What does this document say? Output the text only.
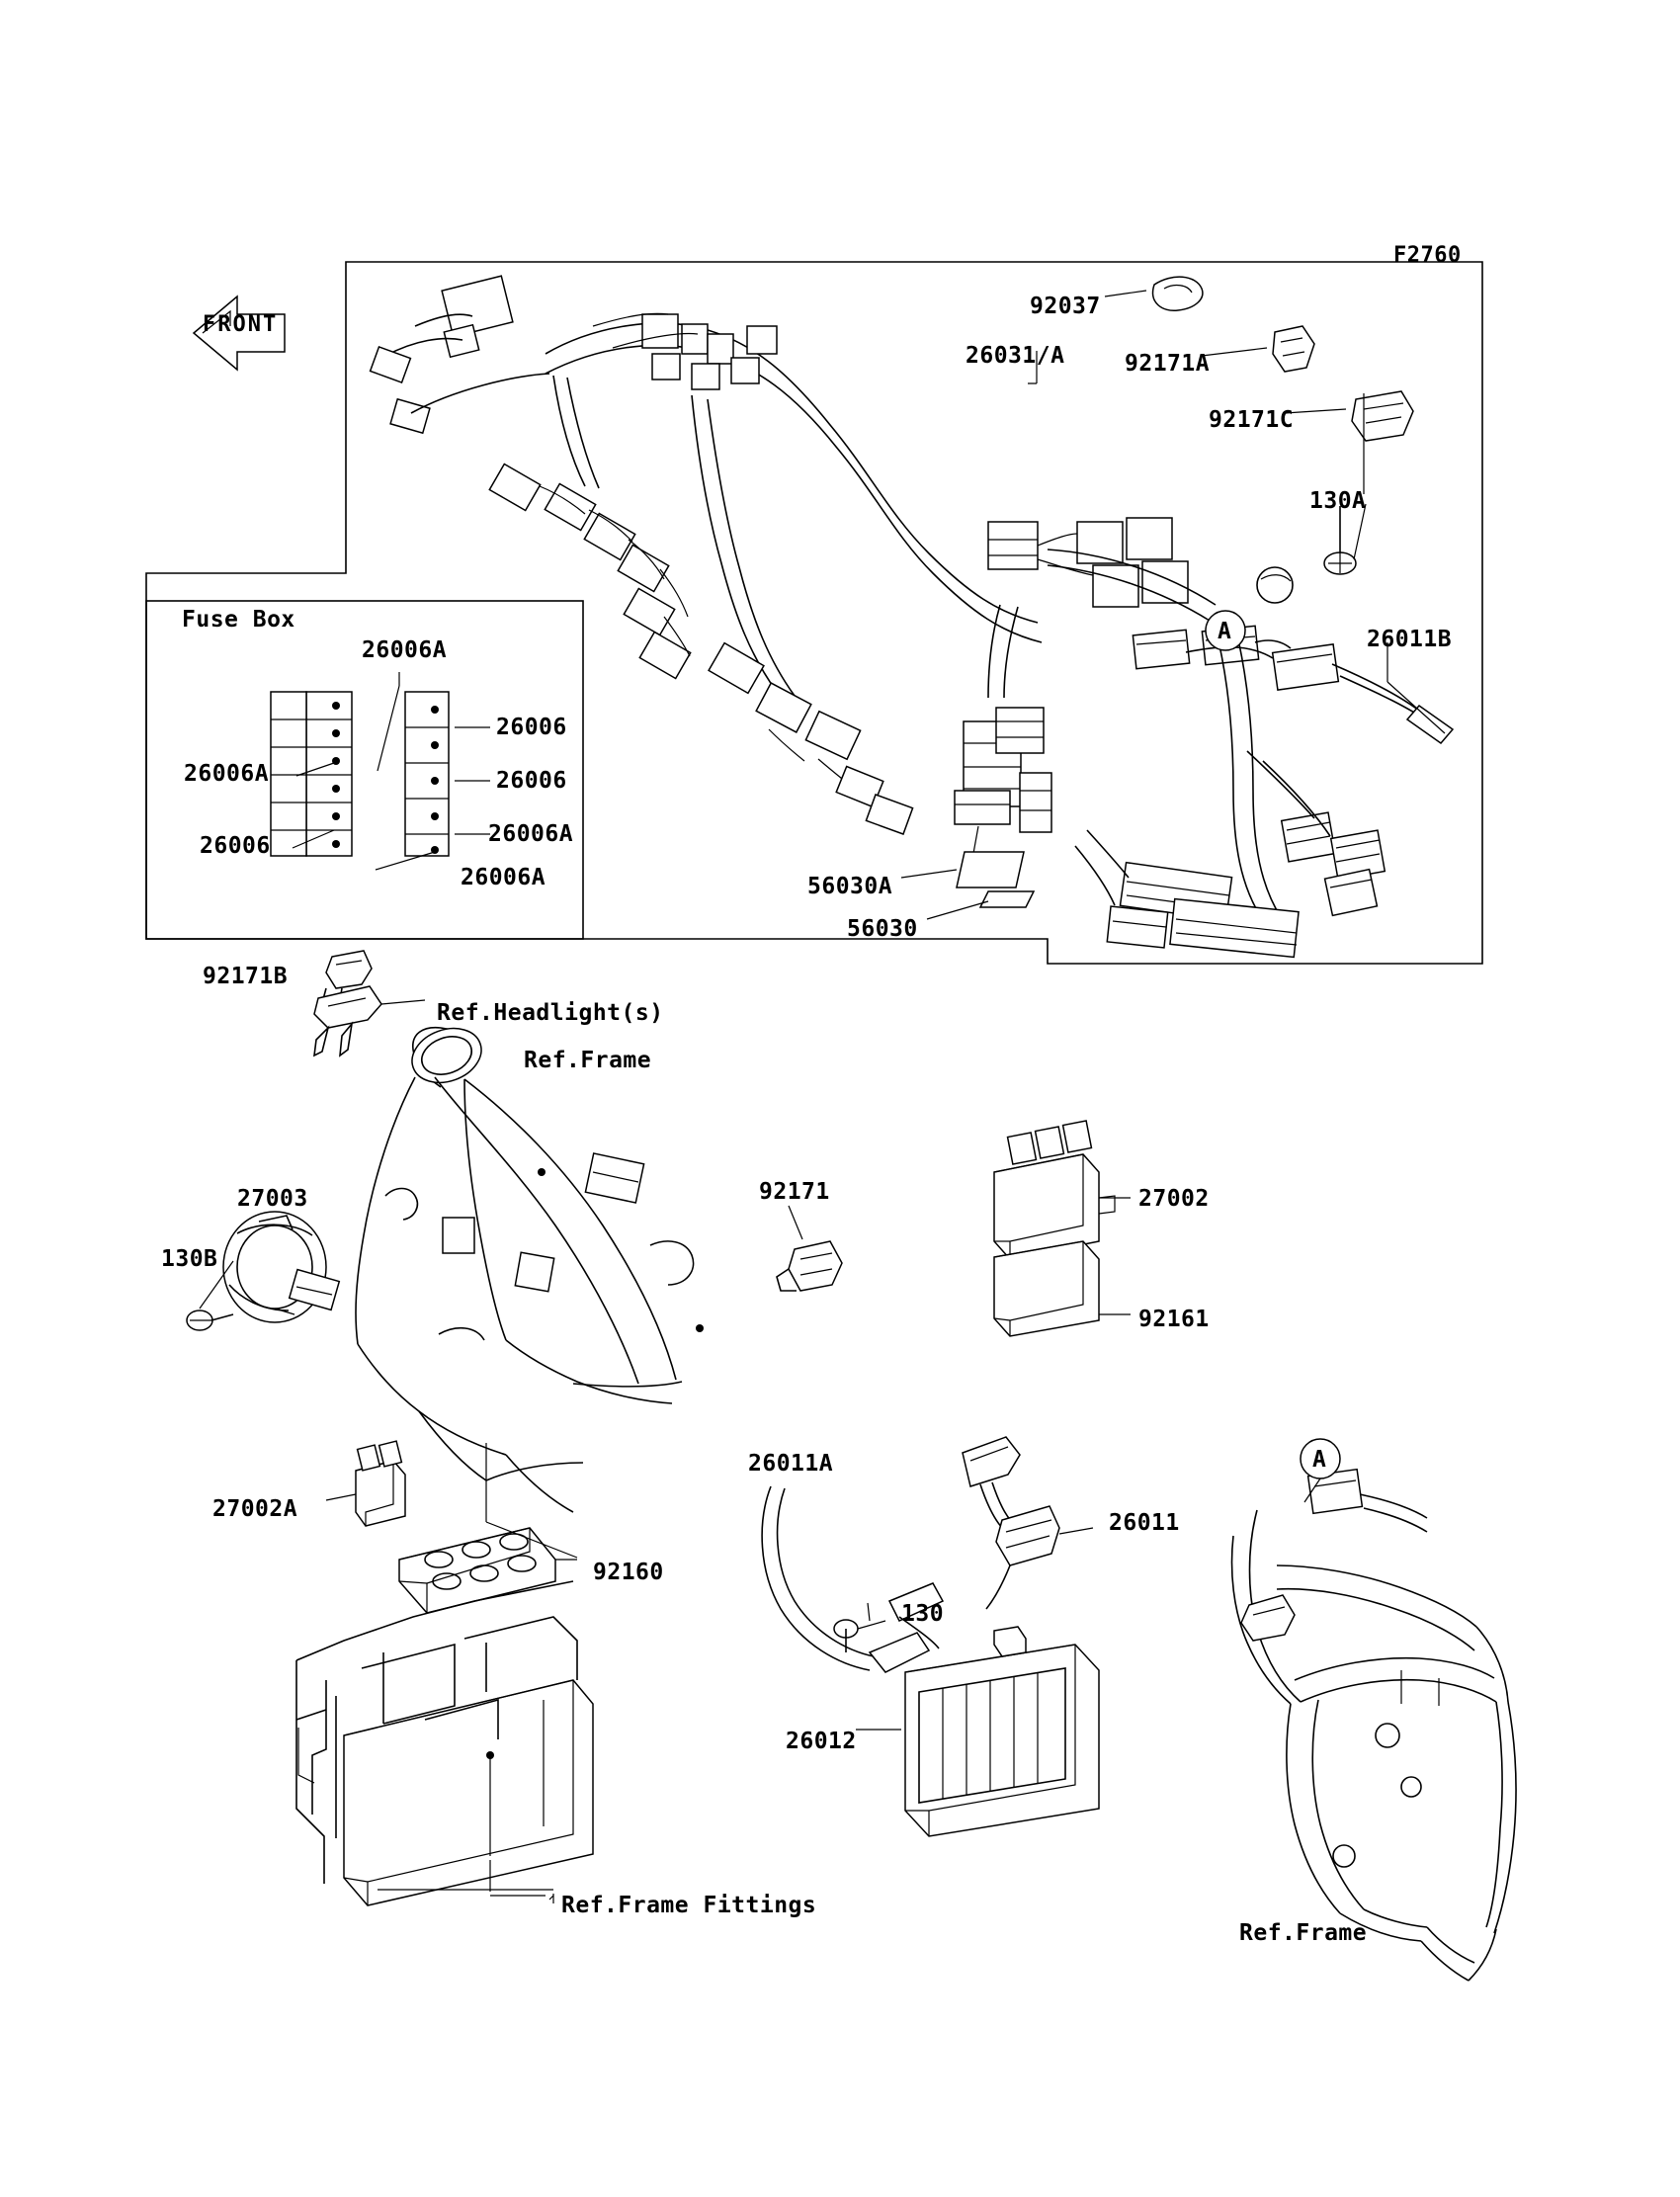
F2760
FRONT
Fuse Box
26006A
26006A
26006
26006
26006
26006A
26006A
92037
26031/A	92171A
92171C
130A
26011B
56030A
56030
92171B
Ref.Headlight(s)
Ref.Frame
27003	92171	27002
130B
92161
26011A
27002A
26011
92160
130
26012
Ref.Frame Fittings
Ref.Frame
A
A
